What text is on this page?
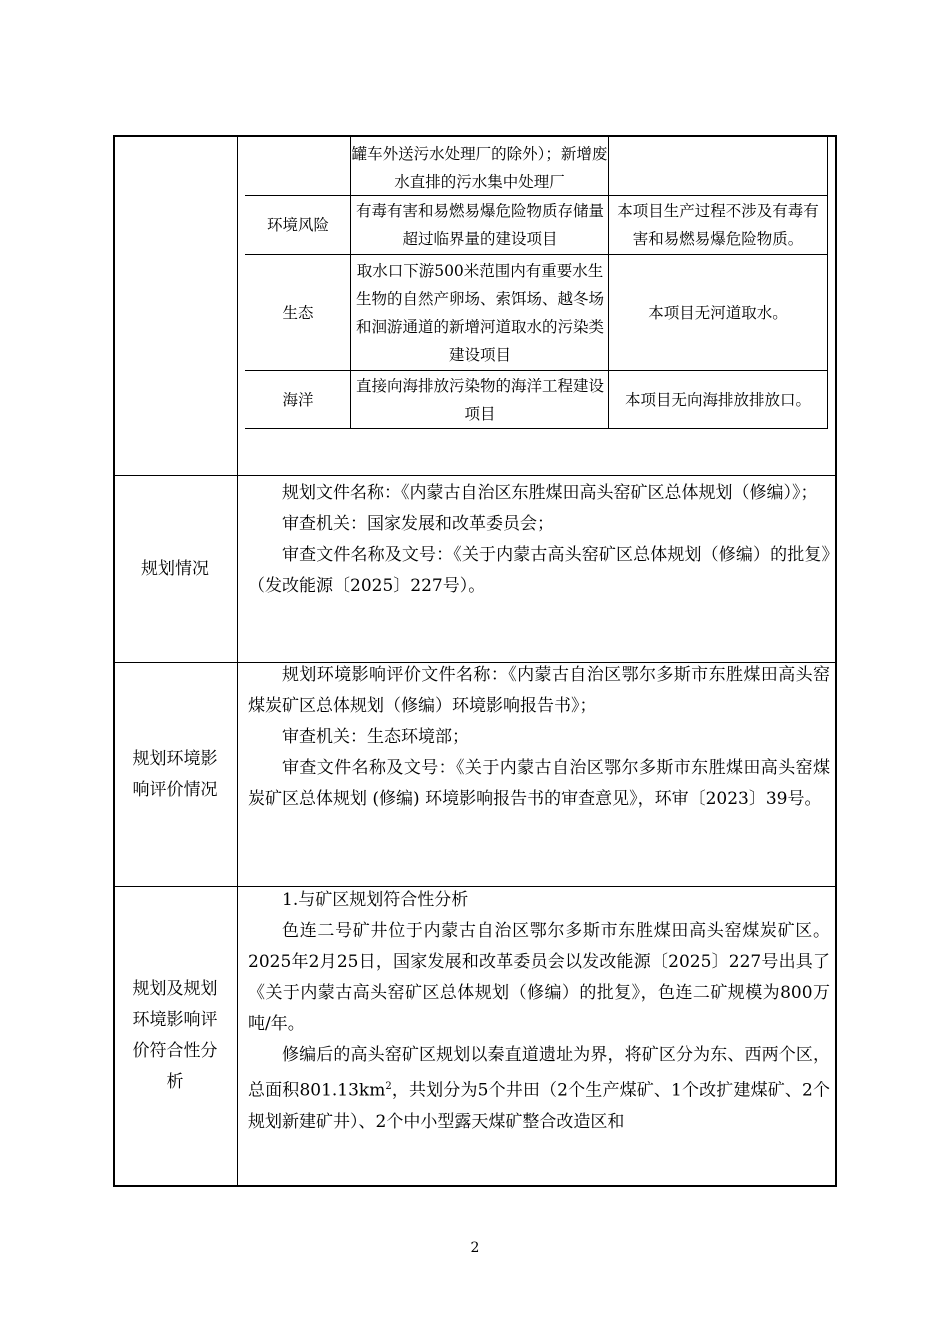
罐车外送污水处理厂的除外）；新增废水直排的污水集中处理厂
环境风险
有毒有害和易燃易爆危险物质存储量超过临界量的建设项目
本项目生产过程不涉及有毒有害和易燃易爆危险物质。
生态
取水口下游500米范围内有重要水生生物的自然产卵场、索饵场、越冬场和洄游通道的新增河道取水的污染类建设项目
本项目无河道取水。
海洋
直接向海排放污染物的海洋工程建设项目
本项目无向海排放排放口。
规划情况

规划文件名称：《内蒙古自治区东胜煤田高头窑矿区总体规划（修编）》；

审查机关：国家发展和改革委员会；

审查文件名称及文号：《关于内蒙古高头窑矿区总体规划（修编）的批复》（发改能源〔2025〕227号）。

规划环境影响评价情况

规划环境影响评价文件名称：《内蒙古自治区鄂尔多斯市东胜煤田高头窑煤炭矿区总体规划（修编）环境影响报告书》；

审查机关：生态环境部；

审查文件名称及文号：《关于内蒙古自治区鄂尔多斯市东胜煤田高头窑煤炭矿区总体规划 (修编) 环境影响报告书的审查意见》，环审〔2023〕39号。

规划及规划环境影响评价符合性分析

1.与矿区规划符合性分析

色连二号矿井位于内蒙古自治区鄂尔多斯市东胜煤田高头窑煤炭矿区。2025年2月25日，国家发展和改革委员会以发改能源〔2025〕227号出具了《关于内蒙古高头窑矿区总体规划（修编）的批复》，色连二矿规模为800万吨/年。

修编后的高头窑矿区规划以秦直道遗址为界，将矿区分为东、西两个区，总面积$801.13km^2$，共划分为5个井田（2个生产煤矿、1个改扩建煤矿、2个规划新建矿井）、2个中小型露天煤矿整合改造区和

2
